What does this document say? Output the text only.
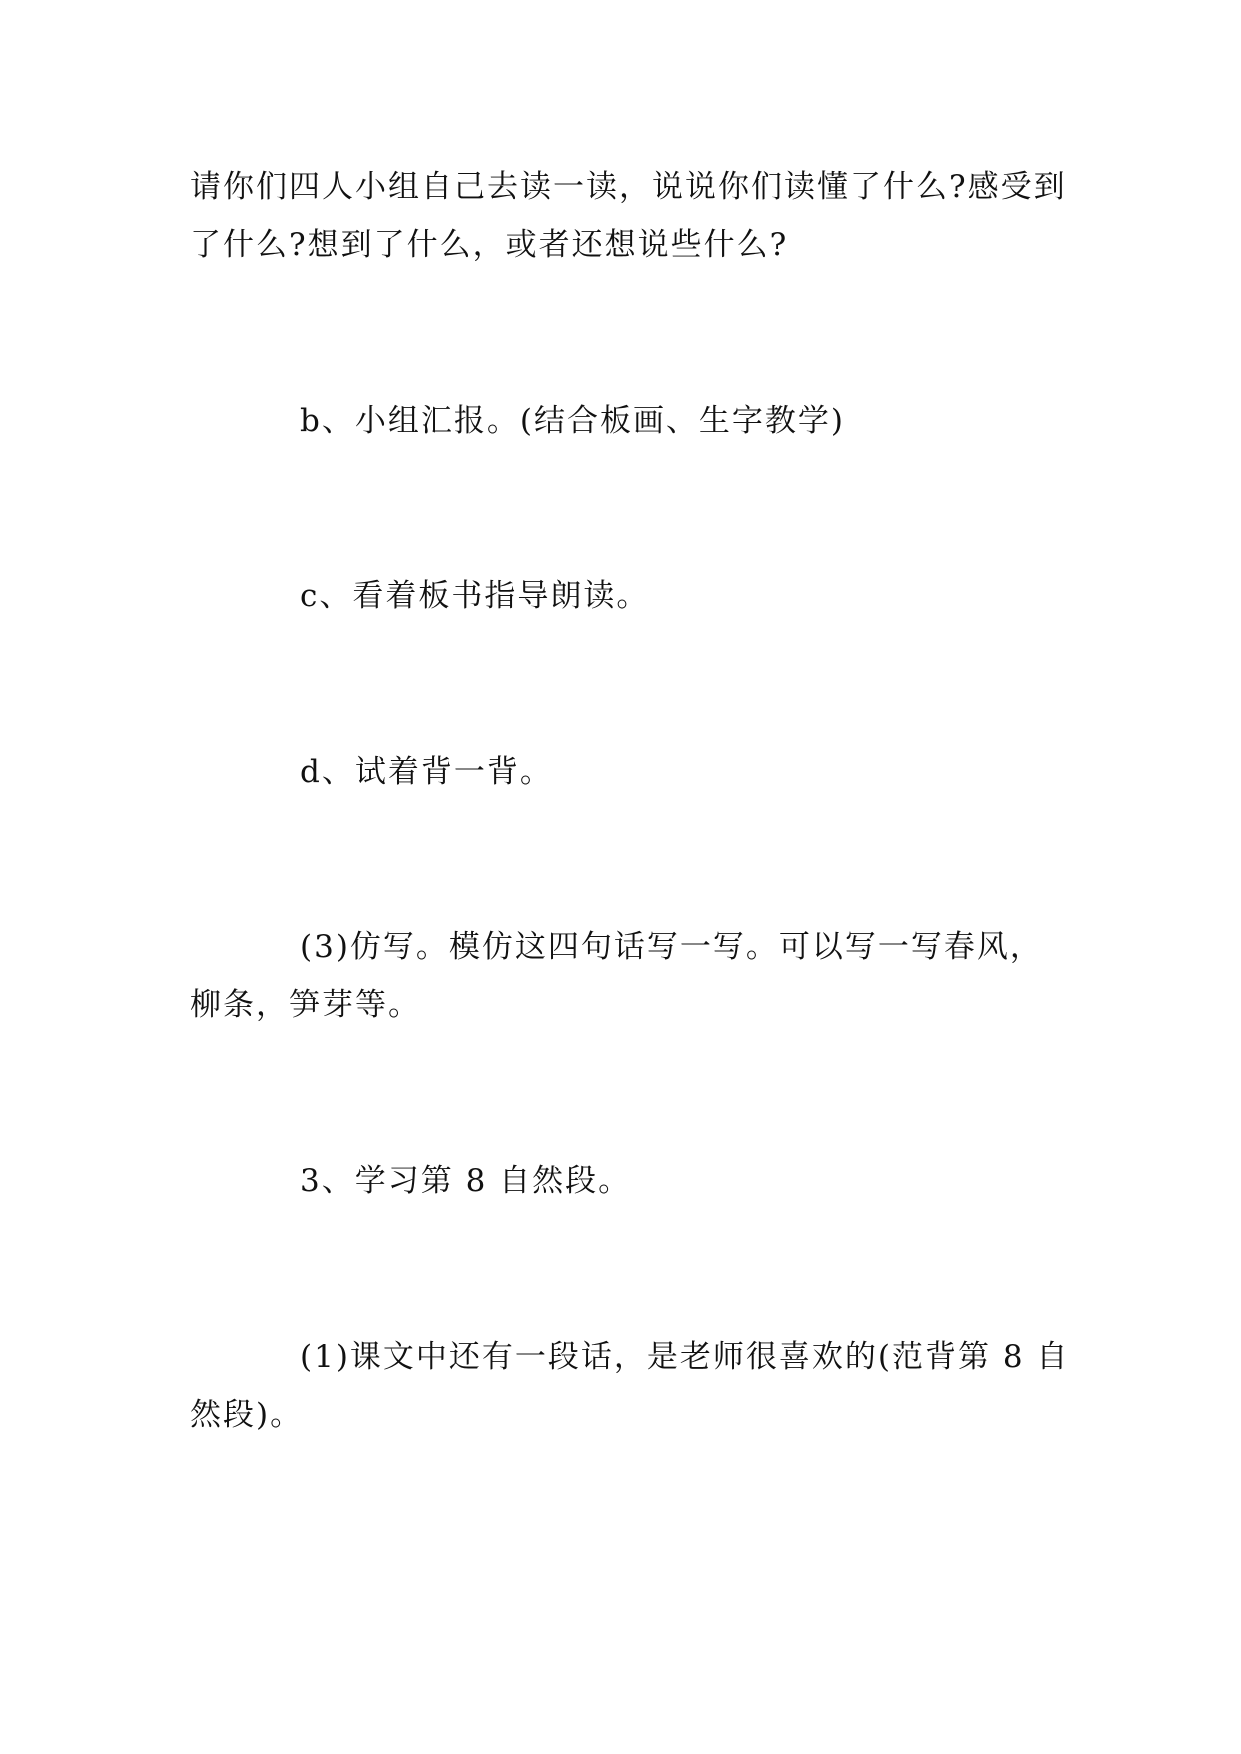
请你们四人小组自己去读一读，说说你们读懂了什么?感受到了什么?想到了什么，或者还想说些什么?

b、小组汇报。(结合板画、生字教学)

c、看着板书指导朗读。

d、试着背一背。

(3)仿写。模仿这四句话写一写。可以写一写春风，柳条，笋芽等。

3、学习第 8 自然段。

(1)课文中还有一段话，是老师很喜欢的(范背第 8 自然段)。
